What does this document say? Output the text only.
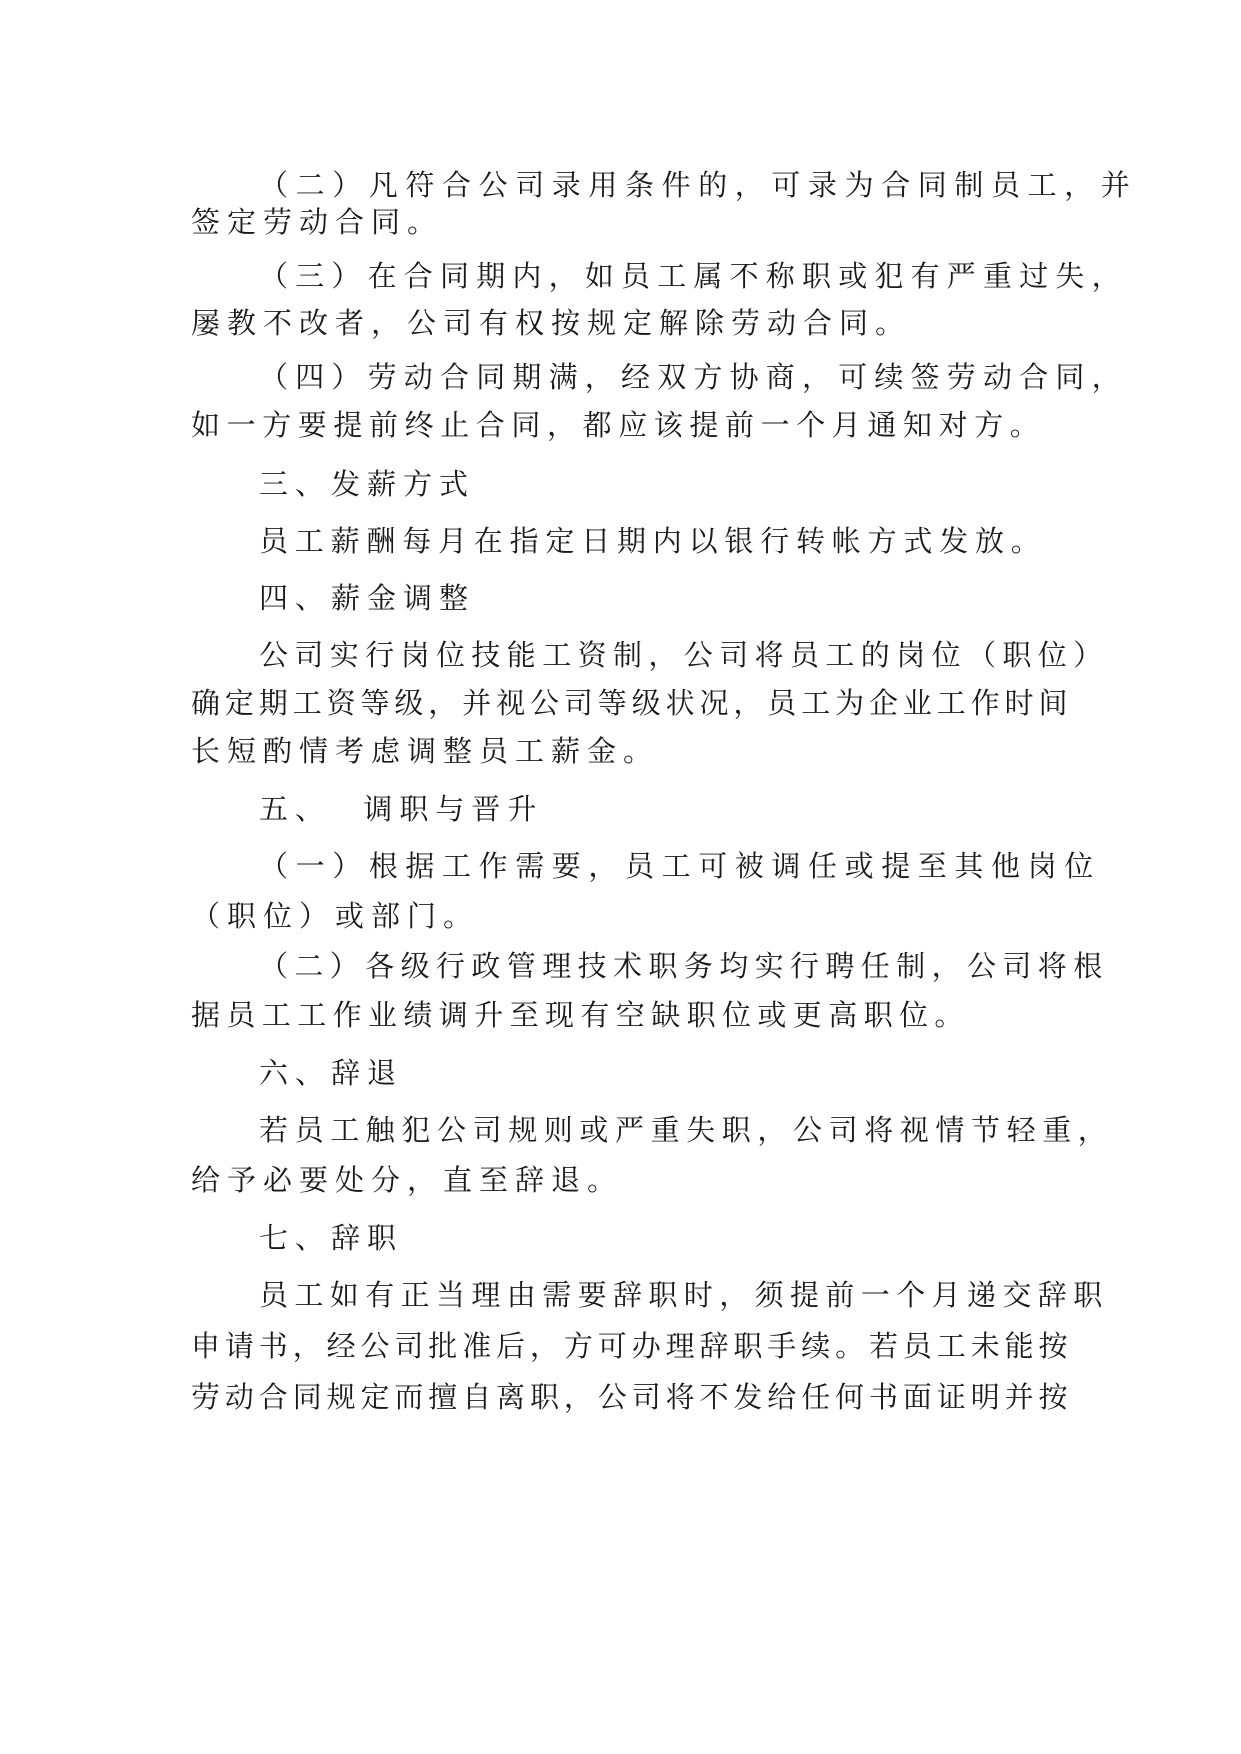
（二）凡符合公司录用条件的，可录为合同制员工，并
签定劳动合同。
（三）在合同期内，如员工属不称职或犯有严重过失，
屡教不改者，公司有权按规定解除劳动合同。
（四）劳动合同期满，经双方协商，可续签劳动合同，
如一方要提前终止合同，都应该提前一个月通知对方。
三、发薪方式
员工薪酬每月在指定日期内以银行转帐方式发放。
四、薪金调整
公司实行岗位技能工资制，公司将员工的岗位（职位）
确定期工资等级，并视公司等级状况，员工为企业工作时间
长短酌情考虑调整员工薪金。
五、  调职与晋升
（一）根据工作需要，员工可被调任或提至其他岗位
（职位）或部门。
（二）各级行政管理技术职务均实行聘任制，公司将根
据员工工作业绩调升至现有空缺职位或更高职位。
六、辞退
若员工触犯公司规则或严重失职，公司将视情节轻重，
给予必要处分，直至辞退。
七、辞职
员工如有正当理由需要辞职时，须提前一个月递交辞职
申请书，经公司批准后，方可办理辞职手续。若员工未能按
劳动合同规定而擅自离职，公司将不发给任何书面证明并按
